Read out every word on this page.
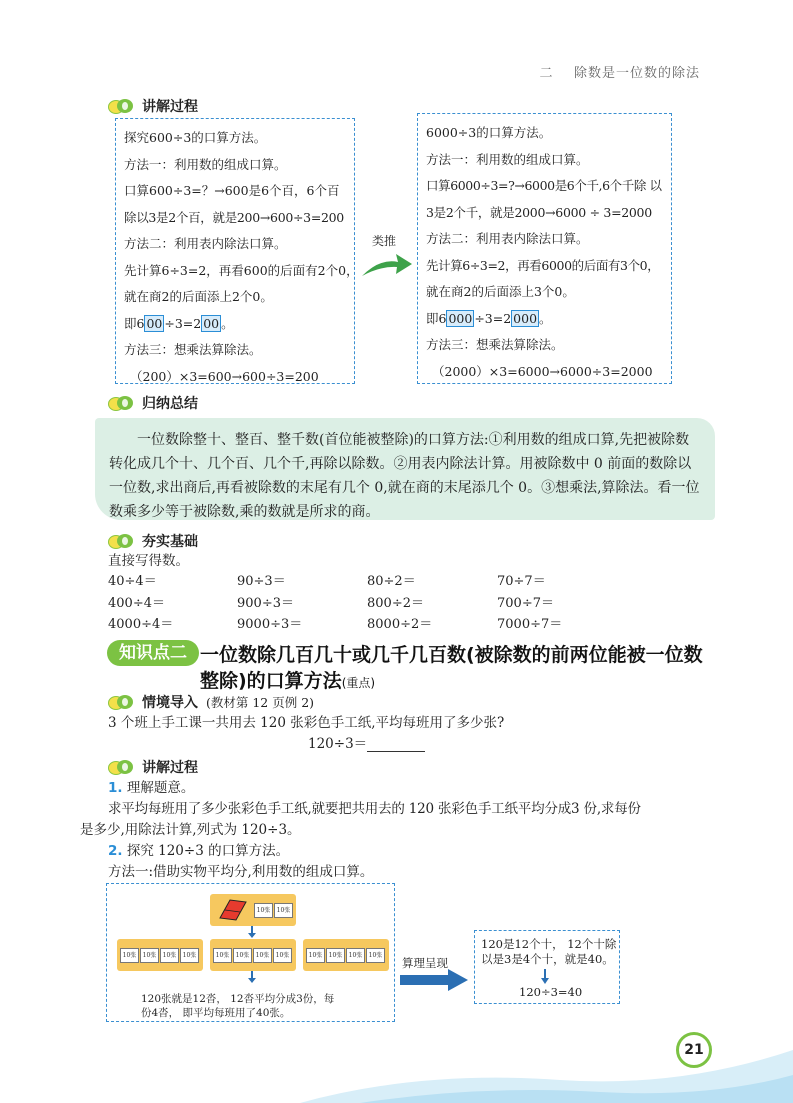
二 除数是一位数的除法
讲解过程

探究600÷3的口算方法。

方法一：利用数的组成口算。

口算600÷3=？→600是6个百，6个百

除以3是2个百，就是200→600÷3=200

方法二：利用表内除法口算。

先计算6÷3=2，再看600的后面有2个0，

就在商2的后面添上2个0。

即6 00 ÷3=2 00 。

方法三：想乘法算除法。

（200）×3=600→600÷3=200

类推

6000÷3的口算方法。

方法一：利用数的组成口算。

口算6000÷3=?→6000是6个千,6个千除 以

3是2个千，就是2000→6000 ÷ 3=2000

方法二：利用表内除法口算。

先计算6÷3=2，再看6000的后面有3个0，

就在商2的后面添上3个0。

即6 000 ÷3=2 000 。

方法三：想乘法算除法。

（2000）×3=6000→6000÷3=2000

归纳总结
一位数除整十、整百、整千数(首位能被整除)的口算方法:①利用数的组成口算,先把被除数转化成几个十、几个百、几个千,再除以除数。②用表内除法计算。用被除数中 0 前面的数除以一位数,求出商后,再看被除数的末尾有几个 0,就在商的末尾添几个 0。③想乘法,算除法。看一位数乘多少等于被除数,乘的数就是所求的商。
夯实基础
直接写得数。
40÷4＝	90÷3＝	80÷2＝	70÷7＝
400÷4＝	900÷3＝	800÷2＝	700÷7＝
4000÷4＝	9000÷3＝	8000÷2＝	7000÷7＝
知识点二 一位数除几百几十或几千几百数(被除数的前两位能被一位数
整除)的口算方法(重点)
情境导入 (教材第 12 页例 2)
3 个班上手工课一共用去 120 张彩色手工纸,平均每班用了多少张?
120÷3＝
讲解过程
1. 理解题意。
求平均每班用了多少张彩色手工纸,就要把共用去的 120 张彩色手工纸平均分成3 份,求每份
是多少,用除法计算,列式为 120÷3。
2. 探究 120÷3 的口算方法。
方法一:借助实物平均分,利用数的组成口算。
10张	10张
10张	10张	10张	10张	10张	10张	10张	10张	10张	10张	10张	10张
120张就是12沓， 12沓平均分成3份，每
份4沓， 即平均每班用了40张。
算理呈现
120是12个十， 12个十除
以是3是4个十，就是40。
120÷3=40
21
